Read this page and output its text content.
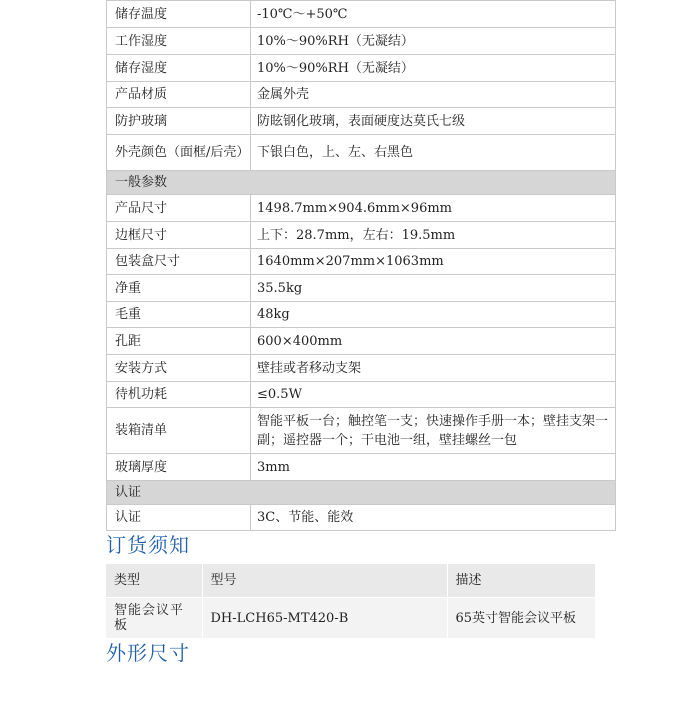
储存温度	-10℃～+50℃
工作湿度	10%～90%RH（无凝结）
储存湿度	10%～90%RH（无凝结）
产品材质	金属外壳
防护玻璃	防眩钢化玻璃，表面硬度达莫氏七级
外壳颜色（面框/后壳）	下银白色，上、左、右黑色
一般参数	
产品尺寸	1498.7mm×904.6mm×96mm
边框尺寸	上下：28.7mm，左右：19.5mm
包装盒尺寸	1640mm×207mm×1063mm
净重	35.5kg
毛重	48kg
孔距	600×400mm
安装方式	壁挂或者移动支架
待机功耗	≤0.5W
装箱清单	智能平板一台；触控笔一支；快速操作手册一本；壁挂支架一副；遥控器一个；干电池一组，壁挂螺丝一包
玻璃厚度	3mm
认证	
认证	3C、节能、能效
订货须知
类型	型号	描述
智能会议平板	DH-LCH65-MT420-B	65英寸智能会议平板
外形尺寸
